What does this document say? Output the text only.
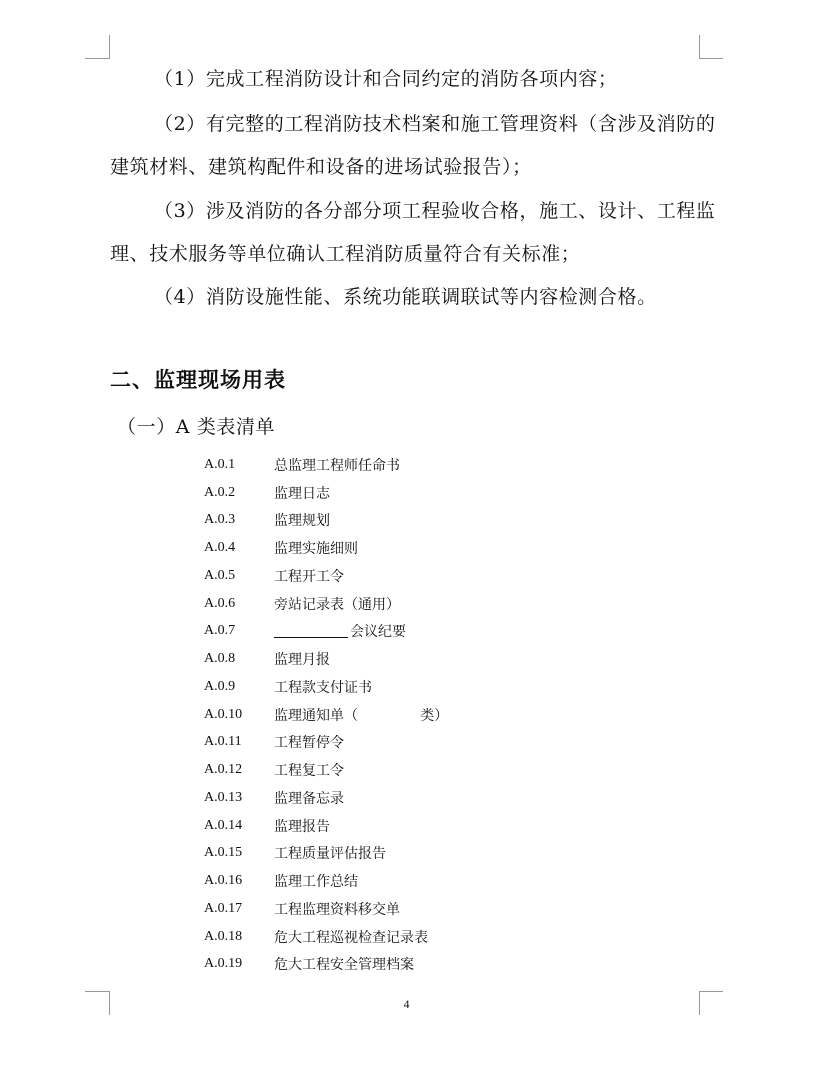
（1）完成工程消防设计和合同约定的消防各项内容；
（2）有完整的工程消防技术档案和施工管理资料（含涉及消防的
建筑材料、建筑构配件和设备的进场试验报告）；
（3）涉及消防的各分部分项工程验收合格，施工、设计、工程监
理、技术服务等单位确认工程消防质量符合有关标准；
（4）消防设施性能、系统功能联调联试等内容检测合格。
二、监理现场用表
（一）A 类表清单
A.0.1	总监理工程师任命书
A.0.2	监理日志
A.0.3	监理规划
A.0.4	监理实施细则
A.0.5	工程开工令
A.0.6	旁站记录表（通用）
A.0.7	会议纪要
A.0.8	监理月报
A.0.9	工程款支付证书
A.0.10	监理通知单（              类）
A.0.11	工程暂停令
A.0.12	工程复工令
A.0.13	监理备忘录
A.0.14	监理报告
A.0.15	工程质量评估报告
A.0.16	监理工作总结
A.0.17	工程监理资料移交单
A.0.18	危大工程巡视检查记录表
A.0.19	危大工程安全管理档案
4
